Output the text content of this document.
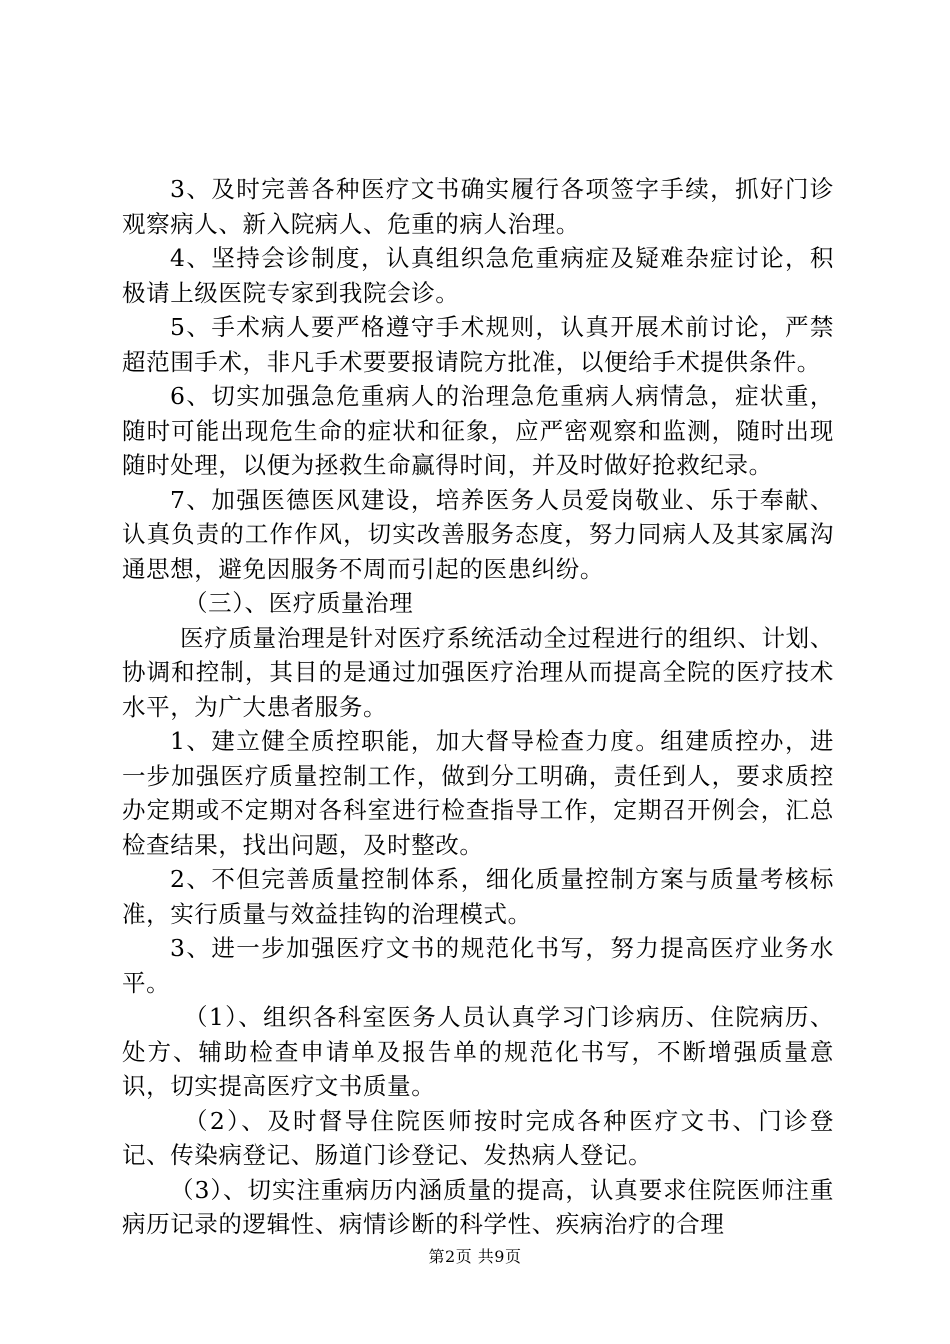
3、及时完善各种医疗文书确实履行各项签字手续，抓好门诊观察病人、新入院病人、危重的病人治理。

4、坚持会诊制度，认真组织急危重病症及疑难杂症讨论，积极请上级医院专家到我院会诊。

5、手术病人要严格遵守手术规则，认真开展术前讨论，严禁超范围手术，非凡手术要要报请院方批准，以便给手术提供条件。

6、切实加强急危重病人的治理急危重病人病情急，症状重，随时可能出现危生命的症状和征象，应严密观察和监测，随时出现随时处理，以便为拯救生命赢得时间，并及时做好抢救纪录。

7、加强医德医风建设，培养医务人员爱岗敬业、乐于奉献、认真负责的工作作风，切实改善服务态度，努力同病人及其家属沟通思想，避免因服务不周而引起的医患纠纷。

（三）、医疗质量治理

医疗质量治理是针对医疗系统活动全过程进行的组织、计划、协调和控制，其目的是通过加强医疗治理从而提高全院的医疗技术水平，为广大患者服务。

1、建立健全质控职能，加大督导检查力度。组建质控办，进一步加强医疗质量控制工作，做到分工明确，责任到人，要求质控办定期或不定期对各科室进行检查指导工作，定期召开例会，汇总检查结果，找出问题，及时整改。

2、不但完善质量控制体系，细化质量控制方案与质量考核标准，实行质量与效益挂钩的治理模式。

3、进一步加强医疗文书的规范化书写，努力提高医疗业务水平。

（1）、组织各科室医务人员认真学习门诊病历、住院病历、处方、辅助检查申请单及报告单的规范化书写，不断增强质量意识，切实提高医疗文书质量。

（2）、及时督导住院医师按时完成各种医疗文书、门诊登记、传染病登记、肠道门诊登记、发热病人登记。

（3）、切实注重病历内涵质量的提高，认真要求住院医师注重病历记录的逻辑性、病情诊断的科学性、疾病治疗的合理

第2页 共9页
